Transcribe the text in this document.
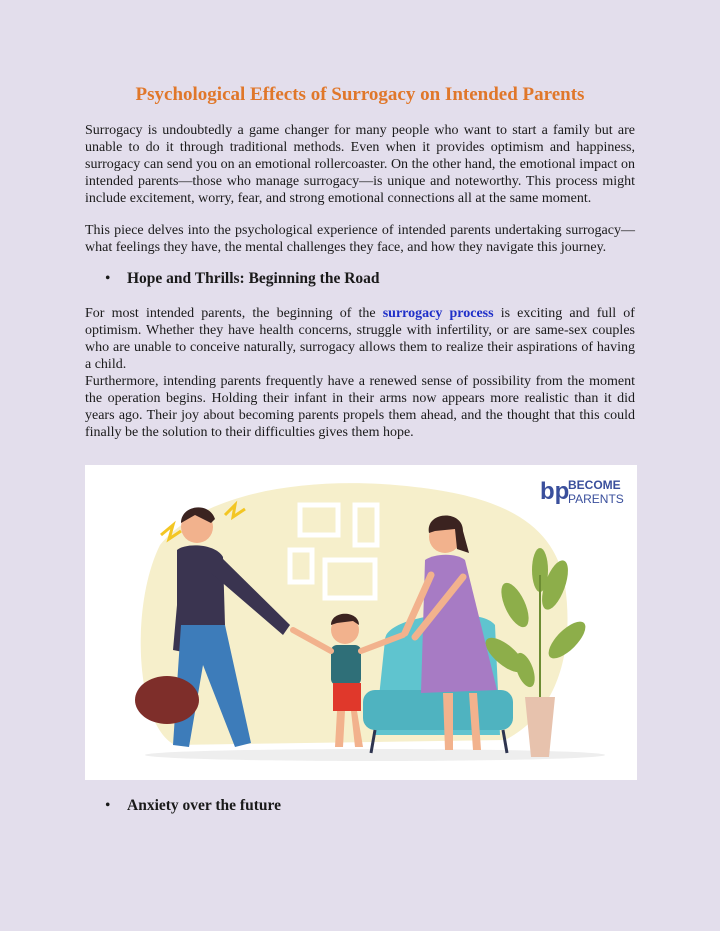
Psychological Effects of Surrogacy on Intended Parents

Surrogacy is undoubtedly a game changer for many people who want to start a family but are unable to do it through traditional methods. Even when it provides optimism and happiness, surrogacy can send you on an emotional rollercoaster. On the other hand, the emotional impact on intended parents—those who manage surrogacy—is unique and noteworthy. This process might include excitement, worry, fear, and strong emotional connections all at the same moment.

This piece delves into the psychological experience of intended parents undertaking surrogacy—what feelings they have, the mental challenges they face, and how they navigate this journey.

• Hope and Thrills: Beginning the Road

For most intended parents, the beginning of the surrogacy process is exciting and full of optimism. Whether they have health concerns, struggle with infertility, or are same-sex couples who are unable to conceive naturally, surrogacy allows them to realize their aspirations of having a child.

Furthermore, intending parents frequently have a renewed sense of possibility from the moment the operation begins. Holding their infant in their arms now appears more realistic than it did years ago. Their joy about becoming parents propels them ahead, and the thought that this could finally be the solution to their difficulties gives them hope.

bp
BECOME
PARENTS

• Anxiety over the future
